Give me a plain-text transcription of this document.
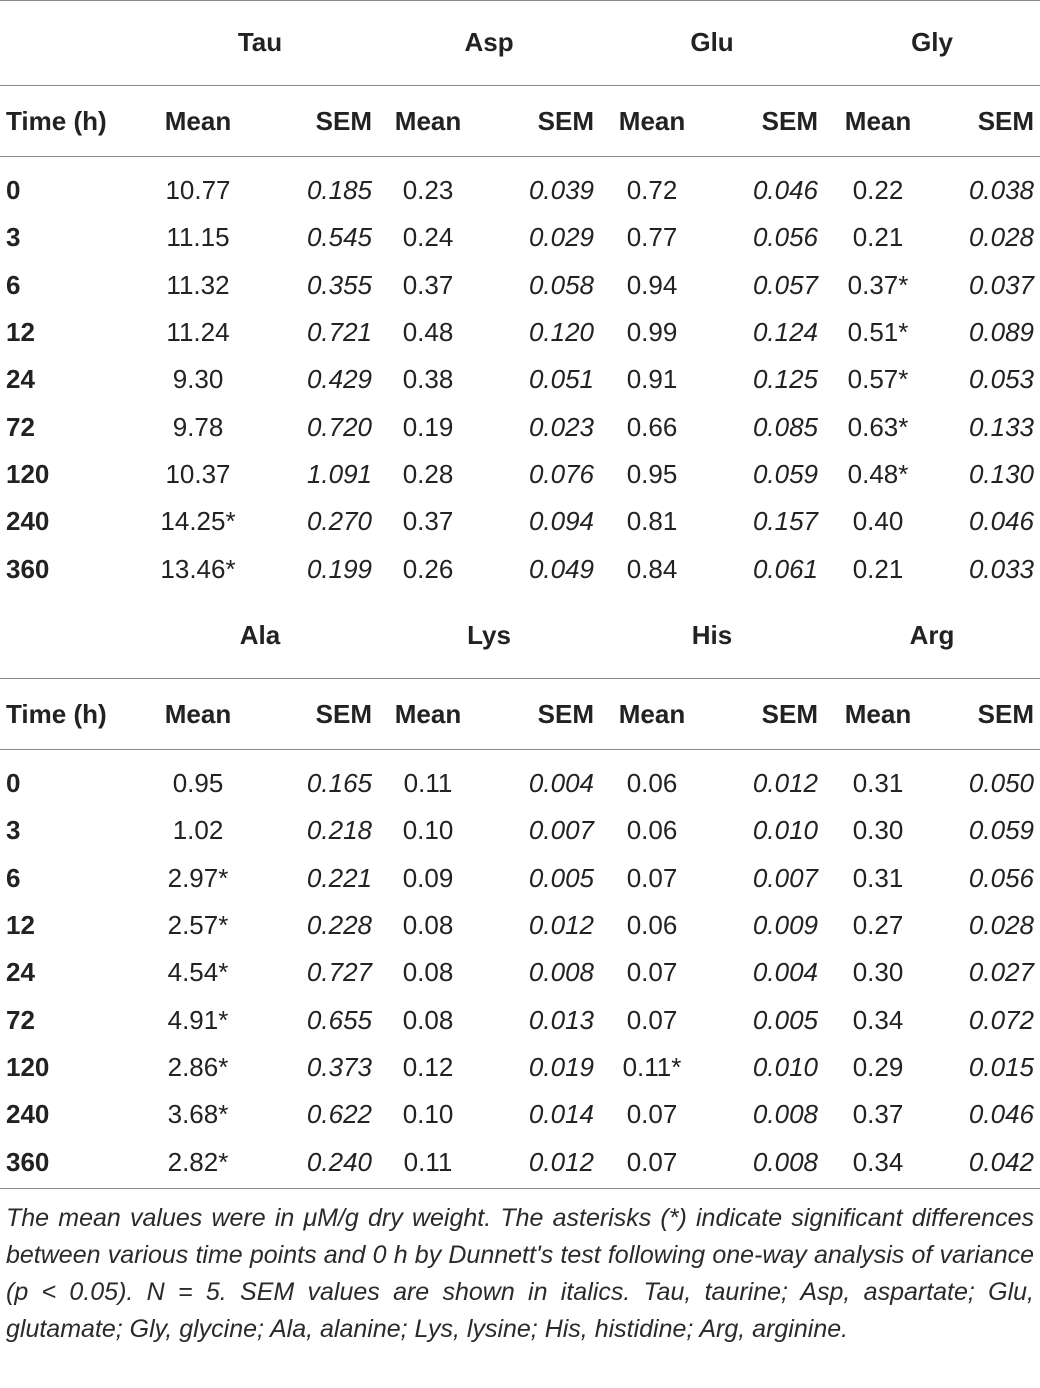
	Tau		Asp		Glu		Gly	
Time (h)	Mean	SEM	Mean	SEM	Mean	SEM	Mean	SEM
0	10.77	0.185	0.23	0.039	0.72	0.046	0.22	0.038
3	11.15	0.545	0.24	0.029	0.77	0.056	0.21	0.028
6	11.32	0.355	0.37	0.058	0.94	0.057	0.37*	0.037
12	11.24	0.721	0.48	0.120	0.99	0.124	0.51*	0.089
24	9.30	0.429	0.38	0.051	0.91	0.125	0.57*	0.053
72	9.78	0.720	0.19	0.023	0.66	0.085	0.63*	0.133
120	10.37	1.091	0.28	0.076	0.95	0.059	0.48*	0.130
240	14.25*	0.270	0.37	0.094	0.81	0.157	0.40	0.046
360	13.46*	0.199	0.26	0.049	0.84	0.061	0.21	0.033
	Ala		Lys		His		Arg	
Time (h)	Mean	SEM	Mean	SEM	Mean	SEM	Mean	SEM
0	0.95	0.165	0.11	0.004	0.06	0.012	0.31	0.050
3	1.02	0.218	0.10	0.007	0.06	0.010	0.30	0.059
6	2.97*	0.221	0.09	0.005	0.07	0.007	0.31	0.056
12	2.57*	0.228	0.08	0.012	0.06	0.009	0.27	0.028
24	4.54*	0.727	0.08	0.008	0.07	0.004	0.30	0.027
72	4.91*	0.655	0.08	0.013	0.07	0.005	0.34	0.072
120	2.86*	0.373	0.12	0.019	0.11*	0.010	0.29	0.015
240	3.68*	0.622	0.10	0.014	0.07	0.008	0.37	0.046
360	2.82*	0.240	0.11	0.012	0.07	0.008	0.34	0.042
The mean values were in μM/g dry weight. The asterisks (*) indicate significant differences between various time points and 0 h by Dunnett's test following one-way analysis of variance (p < 0.05). N = 5. SEM values are shown in italics. Tau, taurine; Asp, aspartate; Glu, glutamate; Gly, glycine; Ala, alanine; Lys, lysine; His, histidine; Arg, arginine.
